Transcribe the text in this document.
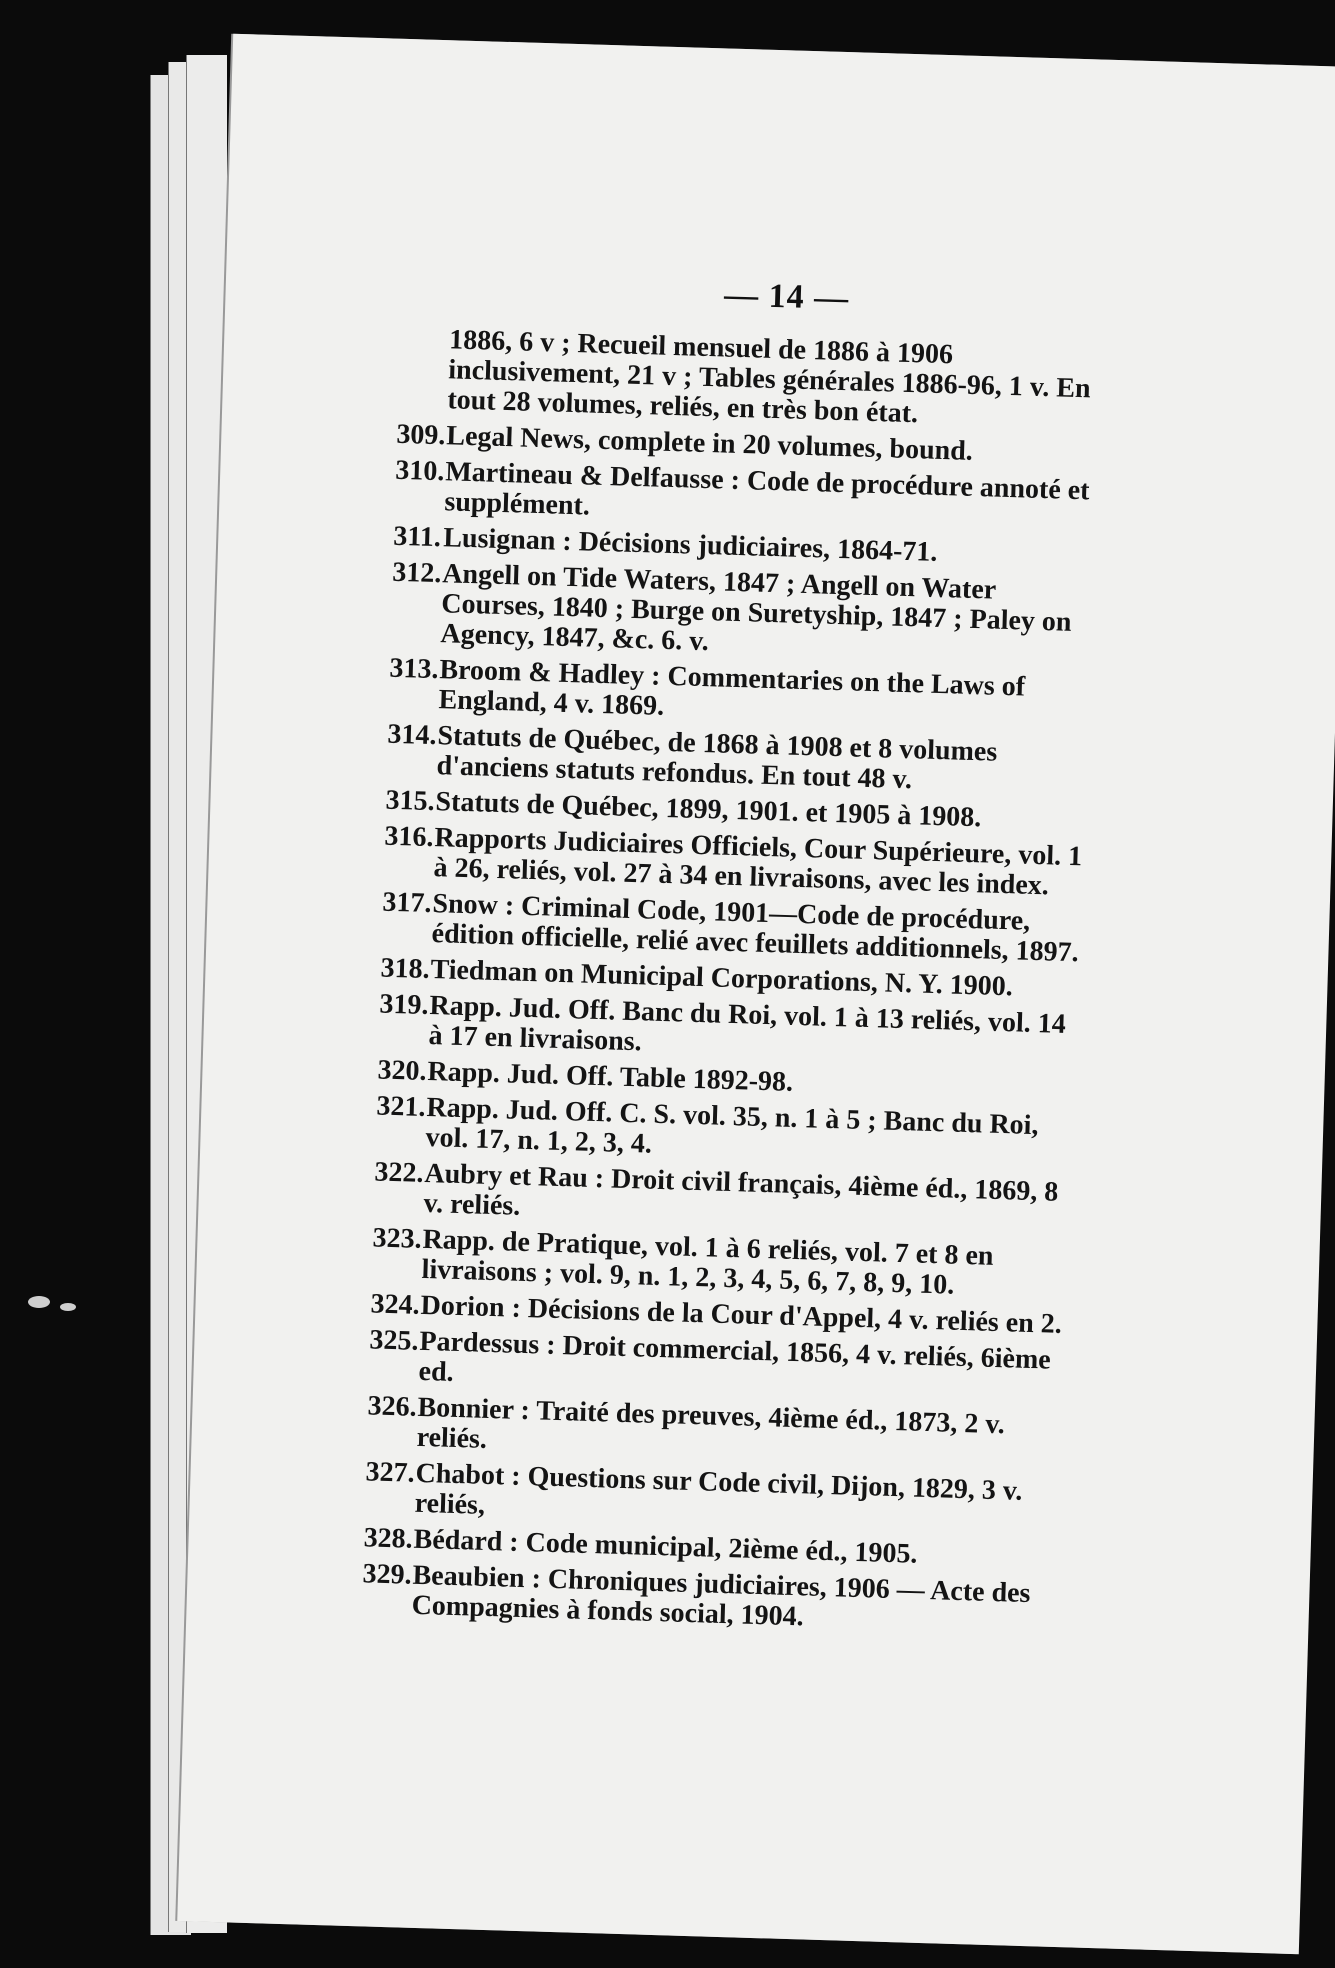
— 14 —
1886, 6 v ; Recueil mensuel de 1886 à 1906 inclusivement, 21 v ; Tables générales 1886-96, 1 v. En tout 28 volumes, reliés, en très bon état.
309. Legal News, complete in 20 volumes, bound.
310. Martineau & Delfausse : Code de procédure annoté et supplément.
311. Lusignan : Décisions judiciaires, 1864-71.
312. Angell on Tide Waters, 1847 ; Angell on Water Courses, 1840 ; Burge on Suretyship, 1847 ; Paley on Agency, 1847, &c. 6. v.
313. Broom & Hadley : Commentaries on the Laws of England, 4 v. 1869.
314. Statuts de Québec, de 1868 à 1908 et 8 volumes d'anciens statuts refondus. En tout 48 v.
315. Statuts de Québec, 1899, 1901. et 1905 à 1908.
316. Rapports Judiciaires Officiels, Cour Supérieure, vol. 1 à 26, reliés, vol. 27 à 34 en livraisons, avec les index.
317. Snow : Criminal Code, 1901—Code de procédure, édition officielle, relié avec feuillets additionnels, 1897.
318. Tiedman on Municipal Corporations, N. Y. 1900.
319. Rapp. Jud. Off. Banc du Roi, vol. 1 à 13 reliés, vol. 14 à 17 en livraisons.
320. Rapp. Jud. Off. Table 1892-98.
321. Rapp. Jud. Off. C. S. vol. 35, n. 1 à 5 ; Banc du Roi, vol. 17, n. 1, 2, 3, 4.
322. Aubry et Rau : Droit civil français, 4ième éd., 1869, 8 v. reliés.
323. Rapp. de Pratique, vol. 1 à 6 reliés, vol. 7 et 8 en livraisons ; vol. 9, n. 1, 2, 3, 4, 5, 6, 7, 8, 9, 10.
324. Dorion : Décisions de la Cour d'Appel, 4 v. reliés en 2.
325. Pardessus : Droit commercial, 1856, 4 v. reliés, 6ième ed.
326. Bonnier : Traité des preuves, 4ième éd., 1873, 2 v. reliés.
327. Chabot : Questions sur Code civil, Dijon, 1829, 3 v. reliés,
328. Bédard : Code municipal, 2ième éd., 1905.
329. Beaubien : Chroniques judiciaires, 1906 — Acte des Compagnies à fonds social, 1904.
